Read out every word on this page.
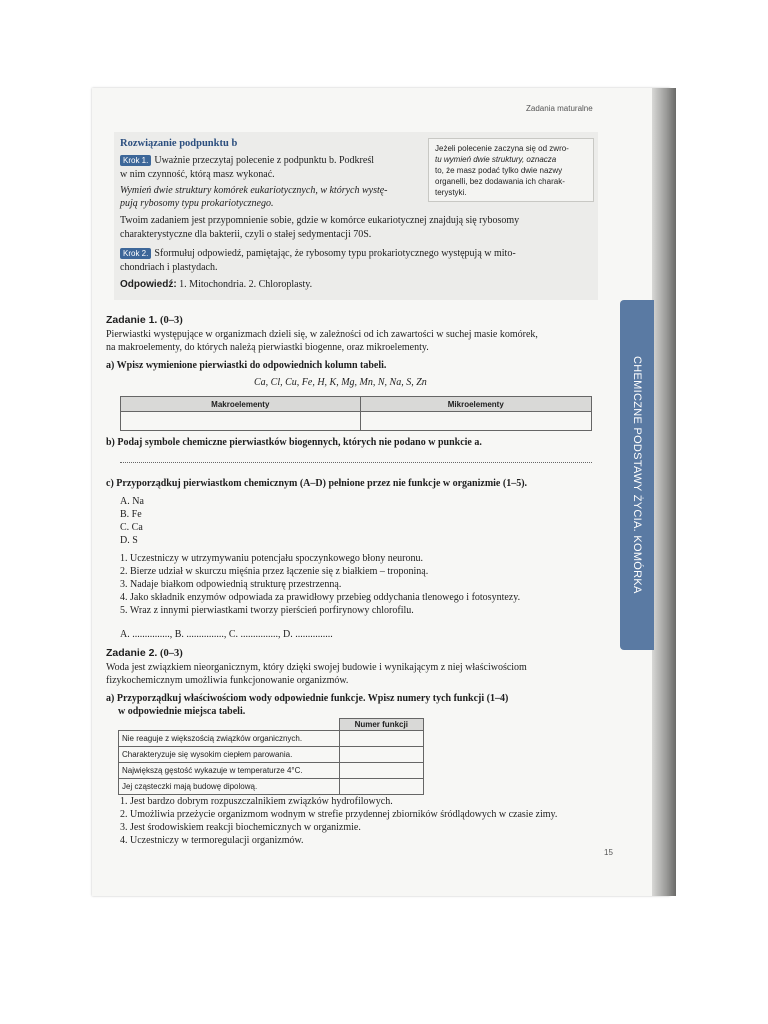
CHEMICZNE PODSTAWY ŻYCIA. KOMÓRKA
Zadania maturalne
Rozwiązanie podpunktu b
Krok 1. Uważnie przeczytaj polecenie z podpunktu b. Podkreśl
w nim czynność, którą masz wykonać.
Wymień dwie struktury komórek eukariotycznych, w których wystę-
pują rybosomy typu prokariotycznego.
Twoim zadaniem jest przypomnienie sobie, gdzie w komórce eukariotycznej znajdują się rybosomy
charakterystyczne dla bakterii, czyli o stałej sedymentacji 70S.
Krok 2. Sformułuj odpowiedź, pamiętając, że rybosomy typu prokariotycznego występują w mito-
chondriach i plastydach.
Odpowiedź: 1. Mitochondria. 2. Chloroplasty.
Jeżeli polecenie zaczyna się od zwro-
tu wymień dwie struktury, oznacza
to, że masz podać tylko dwie nazwy
organelli, bez dodawania ich charak-
terystyki.
Zadanie 1. (0–3)
Pierwiastki występujące w organizmach dzieli się, w zależności od ich zawartości w suchej masie komórek,
na makroelementy, do których należą pierwiastki biogenne, oraz mikroelementy.
a) Wpisz wymienione pierwiastki do odpowiednich kolumn tabeli.
Ca, Cl, Cu, Fe, H, K, Mg, Mn, N, Na, S, Zn
Makroelementy	Mikroelementy

b) Podaj symbole chemiczne pierwiastków biogennych, których nie podano w punkcie a.
c) Przyporządkuj pierwiastkom chemicznym (A–D) pełnione przez nie funkcje w organizmie (1–5).
A. Na
B. Fe
C. Ca
D. S
1. Uczestniczy w utrzymywaniu potencjału spoczynkowego błony neuronu.
2. Bierze udział w skurczu mięśnia przez łączenie się z białkiem – troponiną.
3. Nadaje białkom odpowiednią strukturę przestrzenną.
4. Jako składnik enzymów odpowiada za prawidłowy przebieg oddychania tlenowego i fotosyntezy.
5. Wraz z innymi pierwiastkami tworzy pierścień porfirynowy chlorofilu.
A. ..............., B. ..............., C. ..............., D. ...............
Zadanie 2. (0–3)
Woda jest związkiem nieorganicznym, który dzięki swojej budowie i wynikającym z niej właściwościom
fizykochemicznym umożliwia funkcjonowanie organizmów.
a) Przyporządkuj właściwościom wody odpowiednie funkcje. Wpisz numery tych funkcji (1–4)
w odpowiednie miejsca tabeli.
	Numer funkcji
Nie reaguje z większością związków organicznych.	
Charakteryzuje się wysokim ciepłem parowania.	
Największą gęstość wykazuje w temperaturze 4°C.	
Jej cząsteczki mają budowę dipolową.	
1. Jest bardzo dobrym rozpuszczalnikiem związków hydrofilowych.
2. Umożliwia przeżycie organizmom wodnym w strefie przydennej zbiorników śródlądowych w czasie zimy.
3. Jest środowiskiem reakcji biochemicznych w organizmie.
4. Uczestniczy w termoregulacji organizmów.
15
